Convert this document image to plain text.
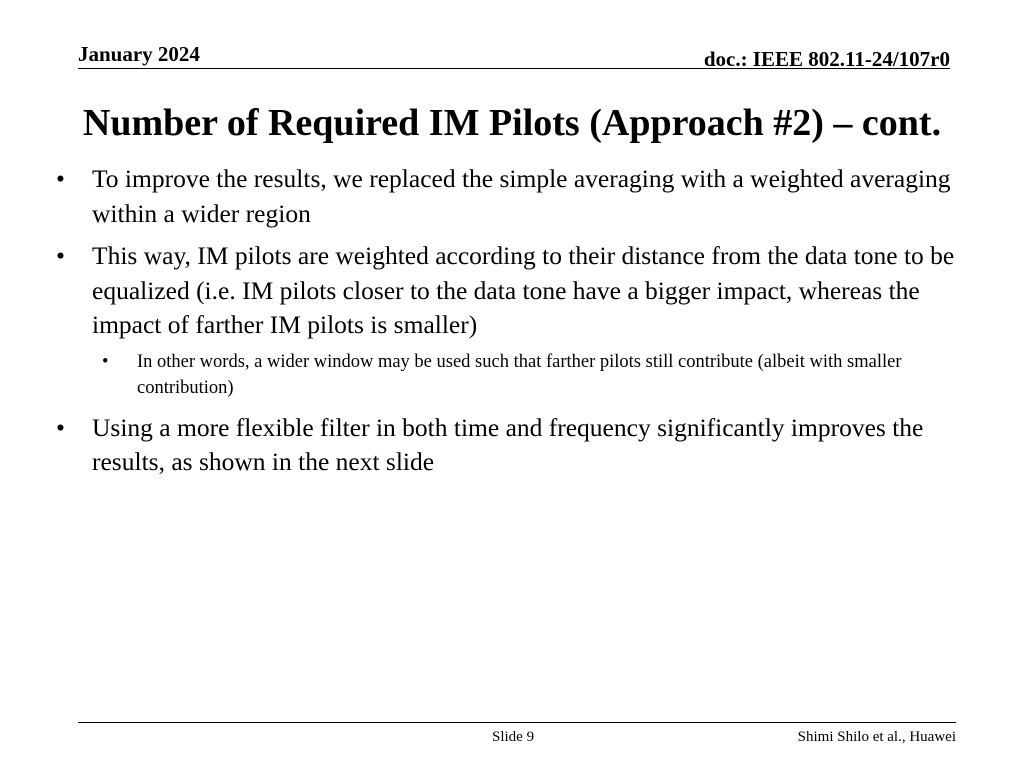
January 2024	doc.: IEEE 802.11-24/107r0
Number of Required IM Pilots (Approach #2) – cont.
• To improve the results, we replaced the simple averaging with a weighted averaging within a wider region
• This way, IM pilots are weighted according to their distance from the data tone to be equalized (i.e. IM pilots closer to the data tone have a bigger impact, whereas the impact of farther IM pilots is smaller)
• In other words, a wider window may be used such that farther pilots still contribute (albeit with smaller contribution)
• Using a more flexible filter in both time and frequency significantly improves the results, as shown in the next slide
Slide 9	Shimi Shilo et al., Huawei
